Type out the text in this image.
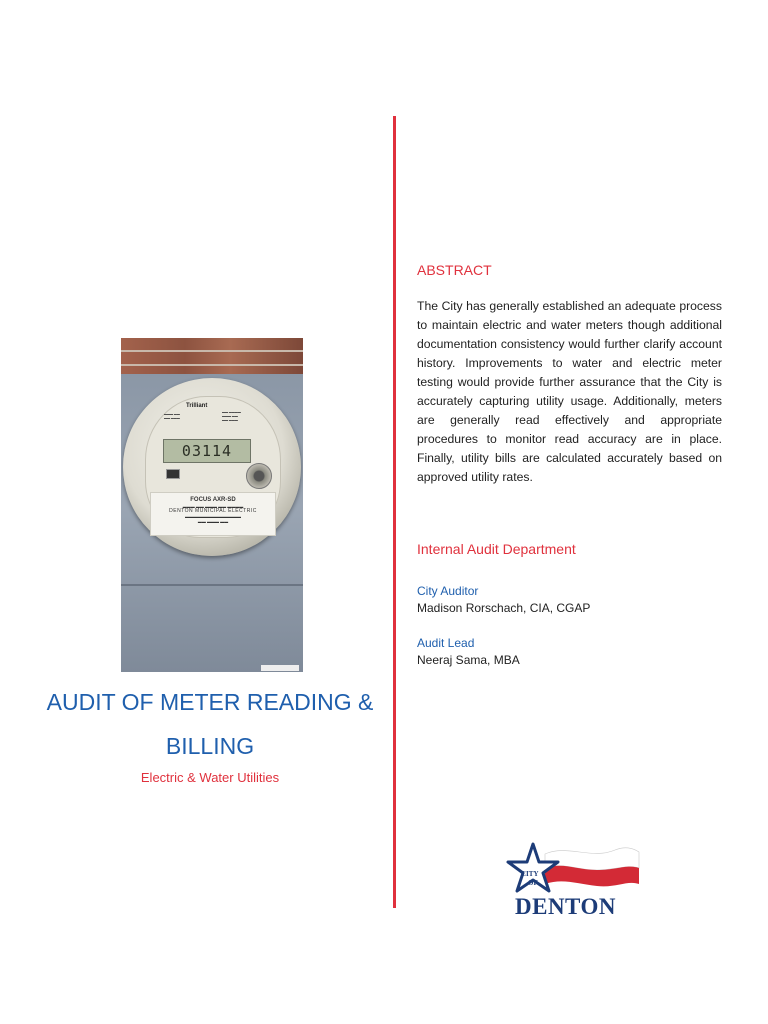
Trilliant
▬▬▬ ▬▬
▬▬ ▬▬▬
▬▬ ▬▬▬▬
▬▬▬ ▬▬
▬▬ ▬▬▬
03114
FOCUS AXR-SD
▬▬▬ ▬▬ ▬▬▬ ▬▬ ▬▬▬▬
DENTON MUNICIPAL ELECTRIC
▬▬▬▬▬▬▬▬▬▬▬▬▬▬
▬▬ ▬▬▬ ▬▬
AUDIT OF METER READING &
BILLING
Electric & Water Utilities
ABSTRACT
The City has generally established an adequate process to maintain electric and water meters though additional documentation consistency would further clarify account history. Improvements to water and electric meter testing would provide further assurance that the City is accurately capturing utility usage. Additionally, meters are generally read effectively and appropriate procedures to monitor read accuracy are in place. Finally, utility bills are calculated accurately based on approved utility rates.
Internal Audit Department
City Auditor
Madison Rorschach, CIA, CGAP
Audit Lead
Neeraj Sama, MBA
CITY
OF
DENTON
